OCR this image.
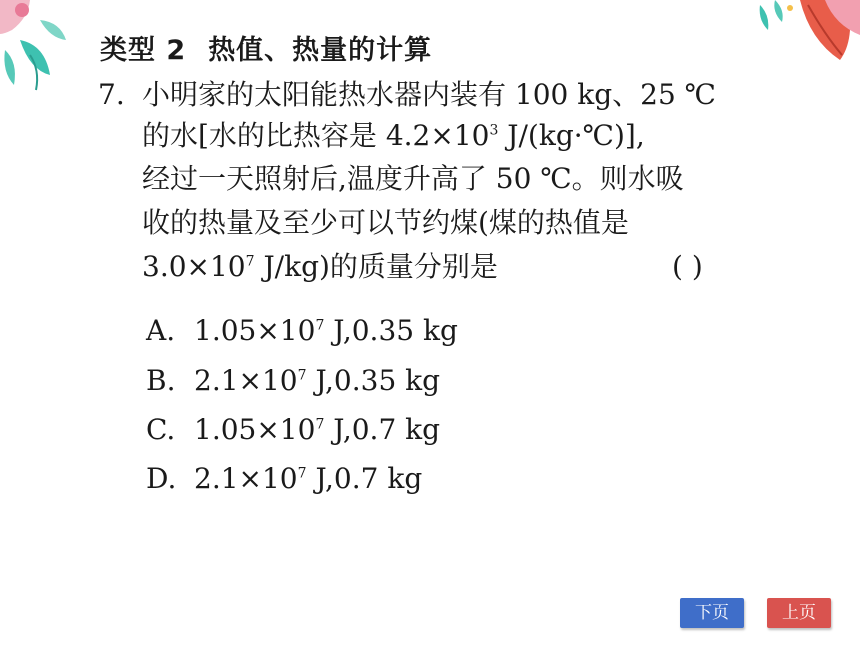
类型 2 热值、热量的计算
7. 小明家的太阳能热水器内装有 100 kg、25 ℃
的水[水的比热容是 $4.2\times 10^3$ J/(kg·℃)],
经过一天照射后,温度升高了 50 ℃。则水吸
收的热量及至少可以节约煤(煤的热值是
$3.0\times 10^7$ J/kg)的质量分别是	( )
A. $1.05\times 10^7$ J,0.35 kg
B. $2.1\times 10^7$ J,0.35 kg
C. $1.05\times 10^7$ J,0.7 kg
D. $2.1\times 10^7$ J,0.7 kg
下页	上页
